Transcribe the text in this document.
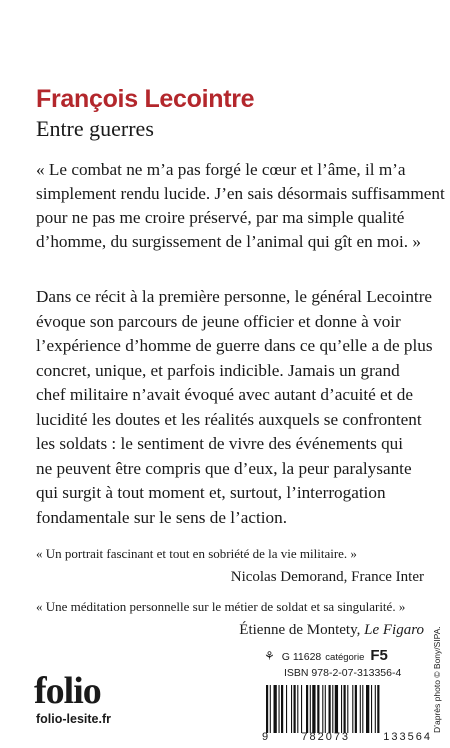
François Lecointre
Entre guerres
« Le combat ne m’a pas forgé le cœur et l’âme, il m’a
simplement rendu lucide. J’en sais désormais suffisamment
pour ne pas me croire préservé, par ma simple qualité
d’homme, du surgissement de l’animal qui gît en moi. »
Dans ce récit à la première personne, le général Lecointre
évoque son parcours de jeune officier et donne à voir
l’expérience d’homme de guerre dans ce qu’elle a de plus
concret, unique, et parfois indicible. Jamais un grand
chef militaire n’avait évoqué avec autant d’acuité et de
lucidité les doutes et les réalités auxquels se confrontent
les soldats : le sentiment de vivre des événements qui
ne peuvent être compris que d’eux, la peur paralysante
qui surgit à tout moment et, surtout, l’interrogation
fondamentale sur le sens de l’action.
« Un portrait fascinant et tout en sobriété de la vie militaire. »
Nicolas Demorand, France Inter
« Une méditation personnelle sur le métier de soldat et sa singularité. »
Étienne de Montety, Le Figaro
folio
folio-lesite.fr
⚘ G 11628 catégorie F5
ISBN 978-2-07-313356-4
9	782073	133564
D’après photo © Bony/SIPA.
